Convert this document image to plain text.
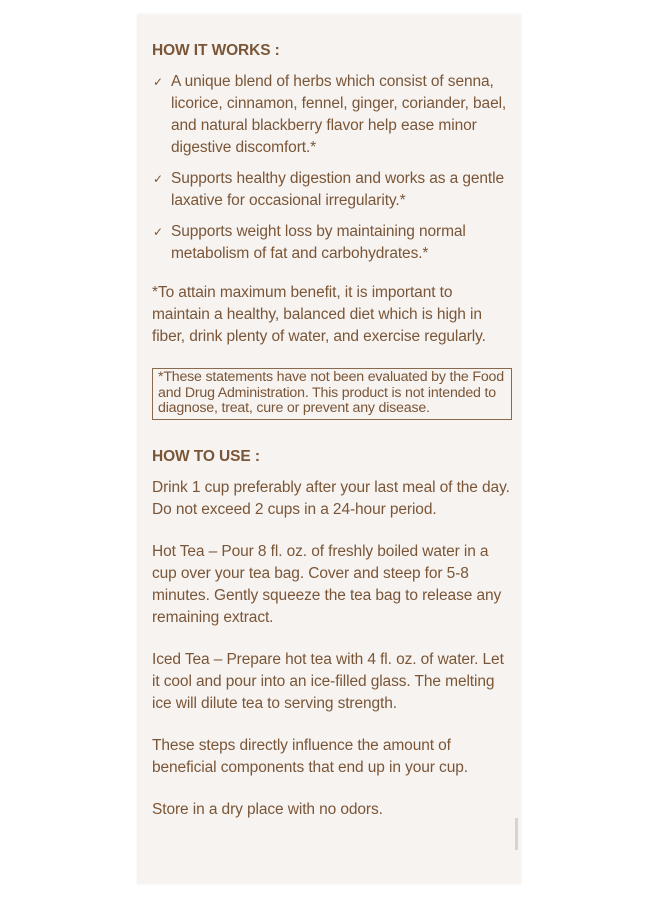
HOW IT WORKS :
✓ A unique blend of herbs which consist of senna, licorice, cinnamon, fennel, ginger, coriander, bael, and natural blackberry flavor help ease minor digestive discomfort.*
✓ Supports healthy digestion and works as a gentle laxative for occasional irregularity.*
✓ Supports weight loss by maintaining normal metabolism of fat and carbohydrates.*

*To attain maximum benefit, it is important to maintain a healthy, balanced diet which is high in fiber, drink plenty of water, and exercise regularly.

*These statements have not been evaluated by the Food and Drug Administration. This product is not intended to diagnose, treat, cure or prevent any disease.
HOW TO USE :

Drink 1 cup preferably after your last meal of the day. Do not exceed 2 cups in a 24-hour period.

Hot Tea – Pour 8 fl. oz. of freshly boiled water in a cup over your tea bag. Cover and steep for 5-8 minutes. Gently squeeze the tea bag to release any remaining extract.

Iced Tea – Prepare hot tea with 4 fl. oz. of water. Let it cool and pour into an ice-filled glass. The melting ice will dilute tea to serving strength.

These steps directly influence the amount of beneficial components that end up in your cup.

Store in a dry place with no odors.
